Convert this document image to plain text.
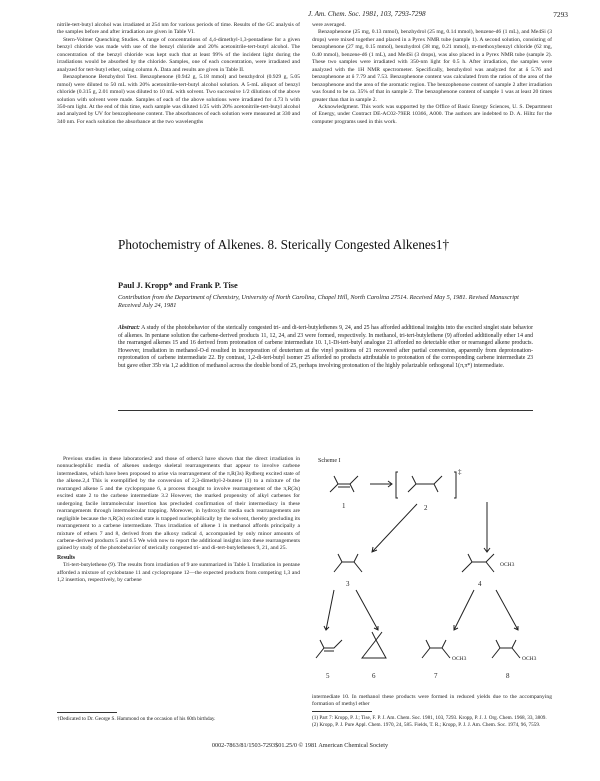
J. Am. Chem. Soc. 1981, 103, 7293-7298	7293

nitrile-tert-butyl alcohol was irradiated at 254 nm for various periods of time. Results of the GC analysis of the samples before and after irradiation are given in Table VI.

Stern-Volmer Quenching Studies. A range of concentrations of 4,4-dimethyl-1,3-pentadiene for a given benzyl chloride was made with use of the benzyl chloride and 20% acetonitrile-tert-butyl alcohol. The concentration of the benzyl chloride was kept such that at least 99% of the incident light during the irradiations would be absorbed by the chloride. Samples, one of each concentration, were irradiated and analyzed for tert-butyl ether, using column A. Data and results are given in Table II.

Benzophenone Benzhydrol Test. Benzophenone (0.942 g, 5.18 mmol) and benzhydrol (0.929 g, 5.05 mmol) were diluted to 50 mL with 20% acetonitrile-tert-butyl alcohol solution. A 5-mL aliquot of benzyl chloride (0.315 g, 2.01 mmol) was diluted to 10 mL with solvent. Two successive 1/2 dilutions of the above solution with solvent were made. Samples of each of the above solutions were irradiated for 4.73 h with 350-nm light. At the end of this time, each sample was diluted 1/25 with 20% acetonitrile-tert-butyl alcohol and analyzed by UV for benzophenone content. The absorbances of each solution were measured at 330 and 340 nm. For each solution the absorbance at the two wavelengths

were averaged.

Benzophenone (25 mg, 0.13 mmol), benzhydrol (25 mg, 0.14 mmol), benzene-d6 (1 mL), and Me4Si (3 drops) were mixed together and placed in a Pyrex NMR tube (sample 1). A second solution, consisting of benzophenone (27 mg, 0.15 mmol), benzhydrol (38 mg, 0.21 mmol), m-methoxybenzyl chloride (62 mg, 0.40 mmol), benzene-d6 (1 mL), and Me4Si (3 drops), was also placed in a Pyrex NMR tube (sample 2). These two samples were irradiated with 350-nm light for 0.5 h. After irradiation, the samples were analyzed with the 1H NMR spectrometer. Specifically, benzhydrol was analyzed for at δ 5.76 and benzophenone at δ 7.79 and 7.53. Benzophenone content was calculated from the ratios of the area of the benzophenone and the area of the aromatic region. The benzophenone content of sample 2 after irradiation was found to be ca. 35% of that in sample 2. The benzophenone content of sample 1 was at least 20 times greater than that in sample 2.

Acknowledgment. This work was supported by the Office of Basic Energy Sciences, U. S. Department of Energy, under Contract DE-AC02-79ER 10366, A000. The authors are indebted to D. A. Hiltz for the computer programs used in this work.

Photochemistry of Alkenes. 8. Sterically Congested Alkenes1†
Paul J. Kropp* and Frank P. Tise
Contribution from the Department of Chemistry, University of North Carolina, Chapel Hill, North Carolina 27514. Received May 5, 1981. Revised Manuscript Received July 24, 1981
Abstract: A study of the photobehavior of the sterically congested tri- and di-tert-butylethenes 9, 24, and 25 has afforded additional insights into the excited singlet state behavior of alkenes. In pentane solution the carbene-derived products 11, 12, 24, and 23 were formed, respectively. In methanol, tri-tert-butylethene (9) afforded additionally ether 14 and the rearranged alkenes 15 and 16 derived from protonation of carbene intermediate 10. 1,1-Di-tert-butyl analogue 21 afforded no detectable ether or rearranged alkene products. However, irradiation in methanol-O-d resulted in incorporation of deuterium at the vinyl positions of 21 recovered after partial conversion, apparently from deprotonation-reprotonation of carbene intermediate 22. By contrast, 1,2-di-tert-butyl isomer 25 afforded no products attributable to protonation of the corresponding carbene intermediate 23 but gave ether 35b via 1,2 addition of methanol across the double bond of 25, perhaps involving protonation of the highly polarizable orthogonal 1(π,π*) intermediate.

Previous studies in these laboratories2 and those of others3 have shown that the direct irradiation in nonnucleophilic media of alkenes undergo skeletal rearrangements that appear to involve carbene intermediates, which have been proposed to arise via rearrangement of the π,R(3s) Rydberg excited state of the alkene.2,4 This is exemplified by the conversion of 2,3-dimethyl-2-butene (1) to a mixture of the rearranged alkene 5 and the cyclopropane 6, a process thought to involve rearrangement of the π,R(3s) excited state 2 to the carbene intermediate 3.2 However, the marked propensity of alkyl carbenes for undergoing facile intramolecular insertion has precluded confirmation of their intermediacy in these rearrangements through intermolecular trapping. Moreover, in hydroxylic media such rearrangements are negligible because the π,R(3s) excited state is trapped nucleophilically by the solvent, thereby precluding its rearrangement to a carbene intermediate. Thus irradiation of alkene 1 in methanol affords principally a mixture of ethers 7 and 8, derived from the alkoxy radical 4, accompanied by only minor amounts of carbene-derived products 5 and 6.5 We wish now to report the additional insights into these rearrangements gained by study of the photobehavior of sterically congested tri- and di-tert-butylethenes 9, 21, and 25.

Results

Tri-tert-butylethene (9). The results from irradiation of 9 are summarized in Table I. Irradiation in pentane afforded a mixture of cyclobutane 11 and cyclopropane 12—the expected products from competing 1,3 and 1,2 insertion, respectively, by carbene

†Dedicated to Dr. George S. Hammond on the occasion of his 60th birthday.
Scheme I
1	2
‡
3	4
OCH3
5	6
OCH3
7
OCH3
8

intermediate 10. In methanol these products were formed in reduced yields due to the accompanying formation of methyl ether

(1) Part 7: Kropp, P. J.; Tise, F. P. J. Am. Chem. Soc. 1981, 103, 7293. Kropp, P. J. J. Org. Chem. 1968, 33, 3809.
(2) Kropp, P. J. Pure Appl. Chem. 1970, 24, 585. Fields, T. R.; Kropp, P. J. J. Am. Chem. Soc. 1974, 96, 7559.
0002-7863/81/1503-7293$01.25/0 © 1981 American Chemical Society
